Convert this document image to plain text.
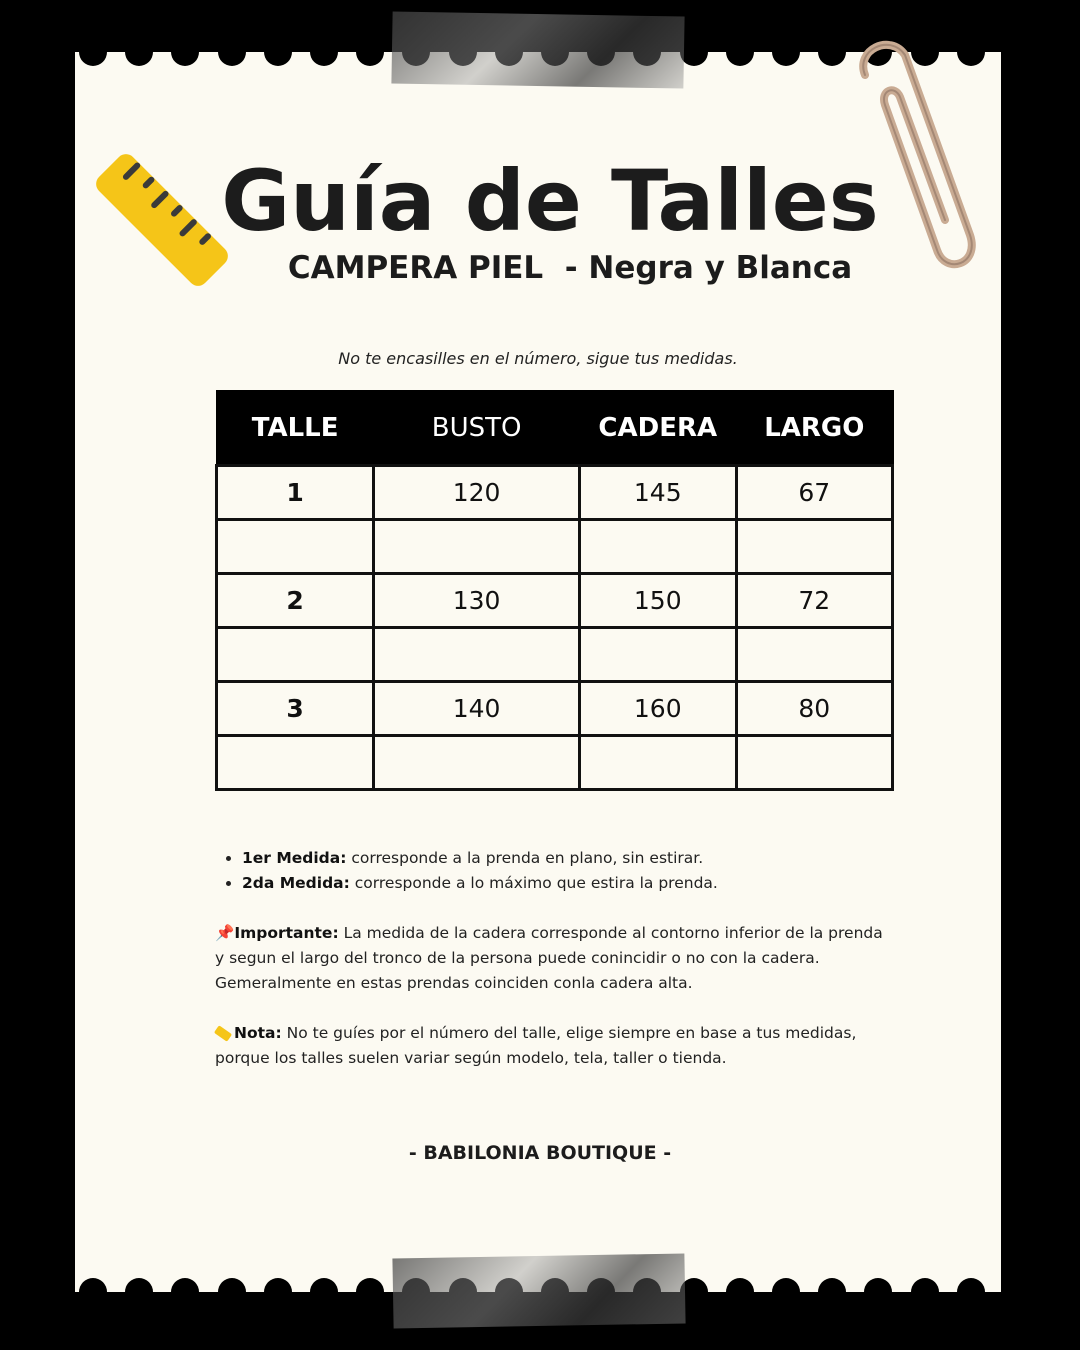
Guía de Talles
CAMPERA PIEL  - Negra y Blanca
No te encasilles en el número, sigue tus medidas.
TALLE	BUSTO	CADERA	LARGO
1	120	145	67

2	130	150	72

3	140	160	80

• 1er Medida: corresponde a la prenda en plano, sin estirar.
• 2da Medida: corresponde a lo máximo que estira la prenda.

📌Importante: La medida de la cadera corresponde al contorno inferior de la prenda y segun el largo del tronco de la persona puede conincidir o no con la cadera. Gemeralmente en estas prendas coinciden conla cadera alta.

Nota: No te guíes por el número del talle, elige siempre en base a tus medidas, porque los talles suelen variar según modelo, tela, taller o tienda.

- BABILONIA BOUTIQUE -
